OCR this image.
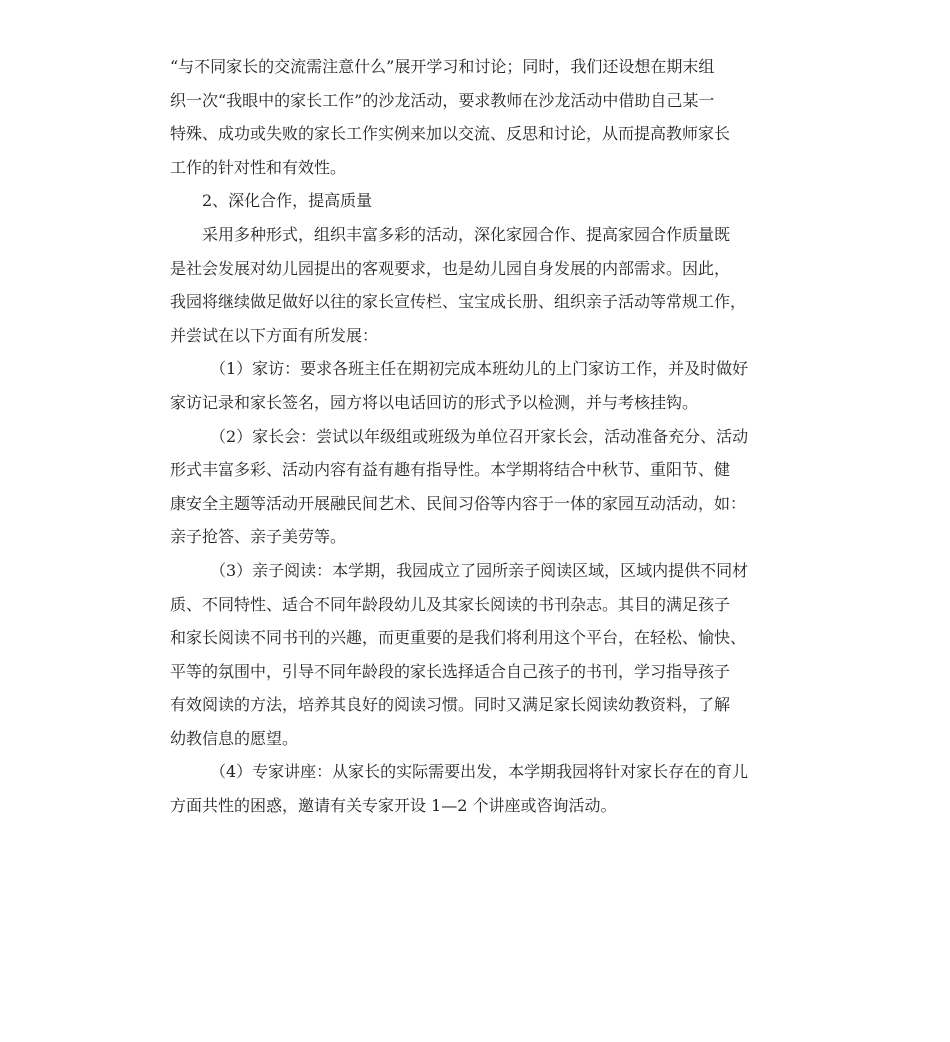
“与不同家长的交流需注意什么”展开学习和讨论；同时，我们还设想在期末组
织一次“我眼中的家长工作”的沙龙活动，要求教师在沙龙活动中借助自己某一
特殊、成功或失败的家长工作实例来加以交流、反思和讨论，从而提高教师家长
工作的针对性和有效性。
2、深化合作，提高质量
采用多种形式，组织丰富多彩的活动，深化家园合作、提高家园合作质量既
是社会发展对幼儿园提出的客观要求，也是幼儿园自身发展的内部需求。因此，
我园将继续做足做好以往的家长宣传栏、宝宝成长册、组织亲子活动等常规工作，
并尝试在以下方面有所发展：
（1）家访：要求各班主任在期初完成本班幼儿的上门家访工作，并及时做好
家访记录和家长签名，园方将以电话回访的形式予以检测，并与考核挂钩。
（2）家长会：尝试以年级组或班级为单位召开家长会，活动准备充分、活动
形式丰富多彩、活动内容有益有趣有指导性。本学期将结合中秋节、重阳节、健
康安全主题等活动开展融民间艺术、民间习俗等内容于一体的家园互动活动，如：
亲子抢答、亲子美劳等。
（3）亲子阅读：本学期，我园成立了园所亲子阅读区域，区域内提供不同材
质、不同特性、适合不同年龄段幼儿及其家长阅读的书刊杂志。其目的满足孩子
和家长阅读不同书刊的兴趣，而更重要的是我们将利用这个平台，在轻松、愉快、
平等的氛围中，引导不同年龄段的家长选择适合自己孩子的书刊，学习指导孩子
有效阅读的方法，培养其良好的阅读习惯。同时又满足家长阅读幼教资料，了解
幼教信息的愿望。
（4）专家讲座：从家长的实际需要出发，本学期我园将针对家长存在的育儿
方面共性的困惑，邀请有关专家开设 1—2 个讲座或咨询活动。
